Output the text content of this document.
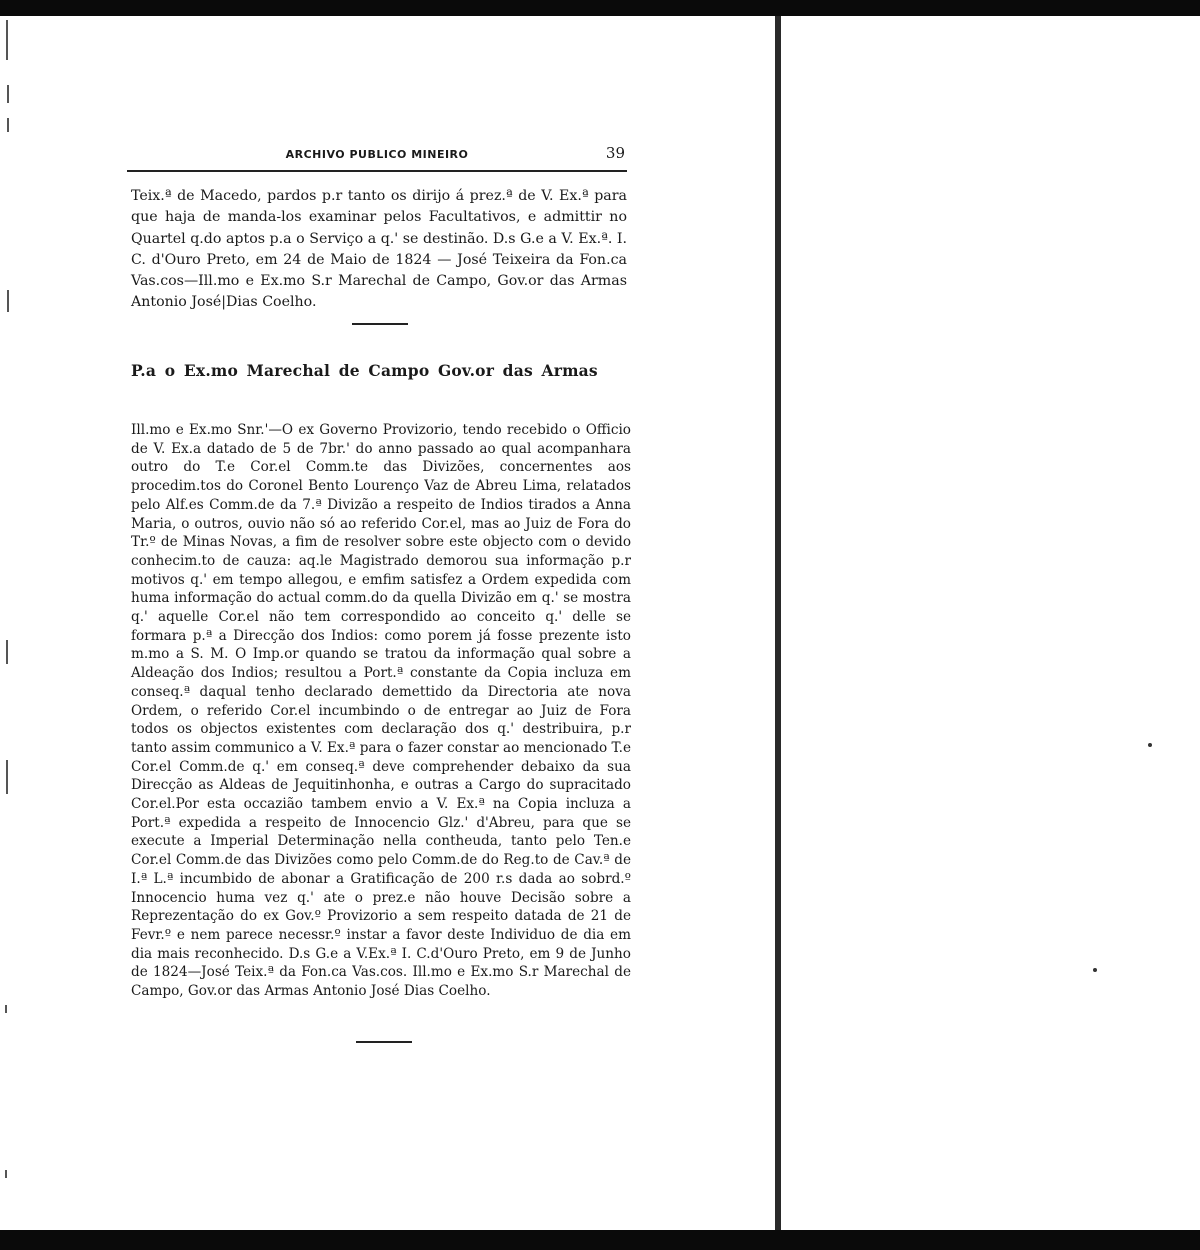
ARCHIVO PUBLICO MINEIRO	39
Teix.ª de Macedo, pardos p.r tanto os dirijo á prez.ª de V. Ex.ª para que haja de manda-los examinar pelos Facultativos, e admittir no Quartel q.do aptos p.a o Serviço a q.' se destinão. D.s G.e a V. Ex.ª. I. C. d'Ouro Preto, em 24 de Maio de 1824 — José Teixeira da Fon.ca Vas.cos—Ill.mo e Ex.mo S.r Marechal de Campo, Gov.or das Armas Antonio José|Dias Coelho.
P.a o Ex.mo Marechal de Campo Gov.or das Armas
Ill.mo e Ex.mo Snr.'—O ex Governo Provizorio, tendo recebido o Officio de V. Ex.a datado de 5 de 7br.' do anno passado ao qual acompanhara outro do T.e Cor.el Comm.te das Divizões, concernentes aos procedim.tos do Coronel Bento Lourenço Vaz de Abreu Lima, relatados pelo Alf.es Comm.de da 7.ª Divizão a respeito de Indios tirados a Anna Maria, o outros, ouvio não só ao referido Cor.el, mas ao Juiz de Fora do Tr.º de Minas Novas, a fim de resolver sobre este objecto com o devido conhecim.to de cauza: aq.le Magistrado demorou sua informação p.r motivos q.' em tempo allegou, e emfim satisfez a Ordem expedida com huma informação do actual comm.do da quella Divizão em q.' se mostra q.' aquelle Cor.el não tem correspondido ao conceito q.' delle se formara p.ª a Direcção dos Indios: como porem já fosse prezente isto m.mo a S. M. O Imp.or quando se tratou da informação qual sobre a Aldeação dos Indios; resultou a Port.ª constante da Copia incluza em conseq.ª daqual tenho declarado demettido da Directoria ate nova Ordem, o referido Cor.el incumbindo o de entregar ao Juiz de Fora todos os objectos existentes com declaração dos q.' destribuira, p.r tanto assim communico a V. Ex.ª para o fazer constar ao mencionado T.e Cor.el Comm.de q.' em conseq.ª deve comprehender debaixo da sua Direcção as Aldeas de Jequitinhonha, e outras a Cargo do supracitado Cor.el.Por esta occazião tambem envio a V. Ex.ª na Copia incluza a Port.ª expedida a respeito de Innocencio Glz.' d'Abreu, para que se execute a Imperial Determinação nella contheuda, tanto pelo Ten.e Cor.el Comm.de das Divizões como pelo Comm.de do Reg.to de Cav.ª de I.ª L.ª incumbido de abonar a Gratificação de 200 r.s dada ao sobrd.º Innocencio huma vez q.' ate o prez.e não houve Decisão sobre a Reprezentação do ex Gov.º Provizorio a sem respeito datada de 21 de Fevr.º e nem parece necessr.º instar a favor deste Individuo de dia em dia mais reconhecido. D.s G.e a V.Ex.ª I. C.d'Ouro Preto, em 9 de Junho de 1824—José Teix.ª da Fon.ca Vas.cos. Ill.mo e Ex.mo S.r Marechal de Campo, Gov.or das Armas Antonio José Dias Coelho.
